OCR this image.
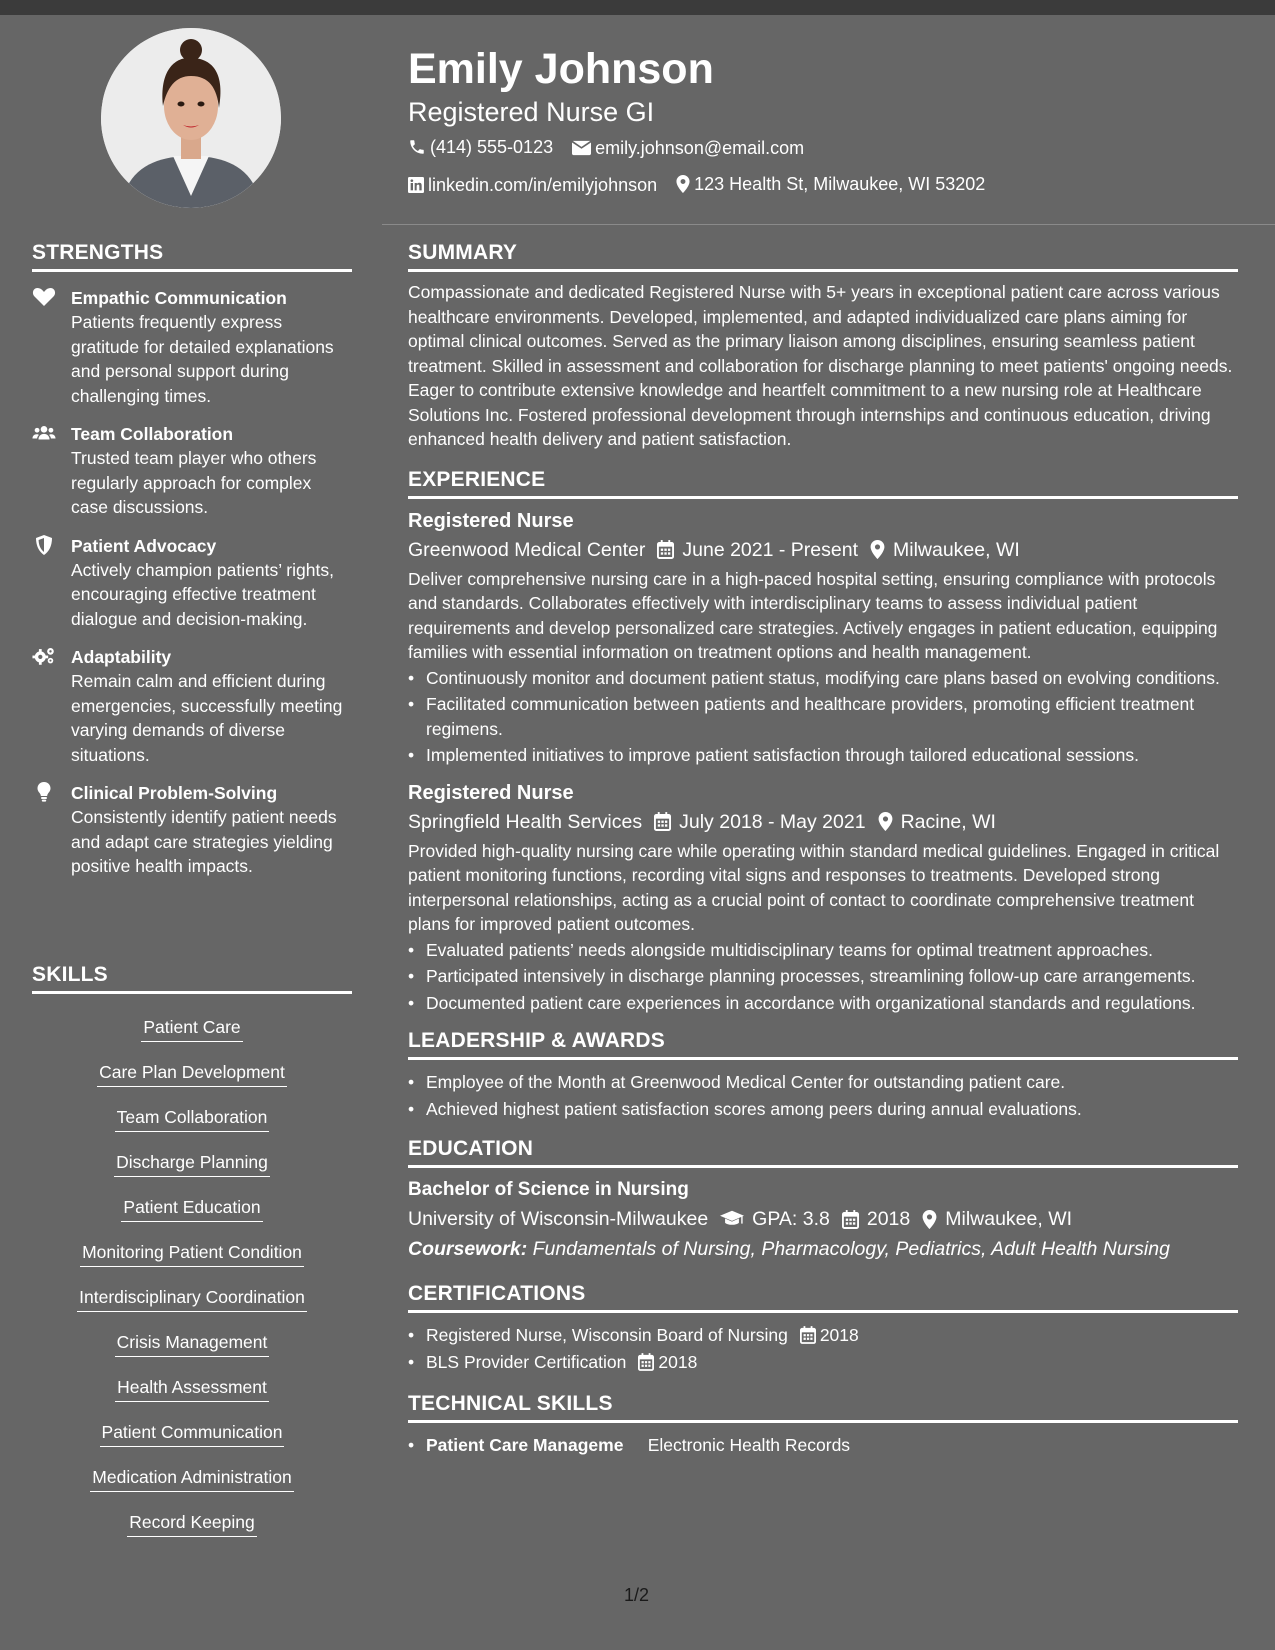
Emily Johnson
Registered Nurse GI
(414) 555-0123
emily.johnson@email.com
linkedin.com/in/emilyjohnson
123 Health St, Milwaukee, WI 53202
STRENGTHS
Empathic Communication
Patients frequently express gratitude for detailed explanations and personal support during challenging times.
Team Collaboration
Trusted team player who others regularly approach for complex case discussions.
Patient Advocacy
Actively champion patients’ rights, encouraging effective treatment dialogue and decision-making.
Adaptability
Remain calm and efficient during emergencies, successfully meeting varying demands of diverse situations.
Clinical Problem-Solving
Consistently identify patient needs and adapt care strategies yielding positive health impacts.
SKILLS
Patient Care
Care Plan Development
Team Collaboration
Discharge Planning
Patient Education
Monitoring Patient Condition
Interdisciplinary Coordination
Crisis Management
Health Assessment
Patient Communication
Medication Administration
Record Keeping
SUMMARY
Compassionate and dedicated Registered Nurse with 5+ years in exceptional patient care across various healthcare environments. Developed, implemented, and adapted individualized care plans aiming for optimal clinical outcomes. Served as the primary liaison among disciplines, ensuring seamless patient treatment. Skilled in assessment and collaboration for discharge planning to meet patients' ongoing needs. Eager to contribute extensive knowledge and heartfelt commitment to a new nursing role at Healthcare Solutions Inc. Fostered professional development through internships and continuous education, driving enhanced health delivery and patient satisfaction.
EXPERIENCE
Registered Nurse
Greenwood Medical Center June 2021 - Present Milwaukee, WI
Deliver comprehensive nursing care in a high-paced hospital setting, ensuring compliance with protocols and standards. Collaborates effectively with interdisciplinary teams to assess individual patient requirements and develop personalized care strategies. Actively engages in patient education, equipping families with essential information on treatment options and health management.
• Continuously monitor and document patient status, modifying care plans based on evolving conditions.
• Facilitated communication between patients and healthcare providers, promoting efficient treatment regimens.
• Implemented initiatives to improve patient satisfaction through tailored educational sessions.
Registered Nurse
Springfield Health Services July 2018 - May 2021 Racine, WI
Provided high-quality nursing care while operating within standard medical guidelines. Engaged in critical patient monitoring functions, recording vital signs and responses to treatments. Developed strong interpersonal relationships, acting as a crucial point of contact to coordinate comprehensive treatment plans for improved patient outcomes.
• Evaluated patients’ needs alongside multidisciplinary teams for optimal treatment approaches.
• Participated intensively in discharge planning processes, streamlining follow-up care arrangements.
• Documented patient care experiences in accordance with organizational standards and regulations.
LEADERSHIP & AWARDS
• Employee of the Month at Greenwood Medical Center for outstanding patient care.
• Achieved highest patient satisfaction scores among peers during annual evaluations.
EDUCATION
Bachelor of Science in Nursing
University of Wisconsin-Milwaukee GPA: 3.8 2018 Milwaukee, WI
Coursework: Fundamentals of Nursing, Pharmacology, Pediatrics, Adult Health Nursing
CERTIFICATIONS
• Registered Nurse, Wisconsin Board of Nursing 2018
• BLS Provider Certification 2018
TECHNICAL SKILLS
• Patient Care Manageme Electronic Health Records
1/2
